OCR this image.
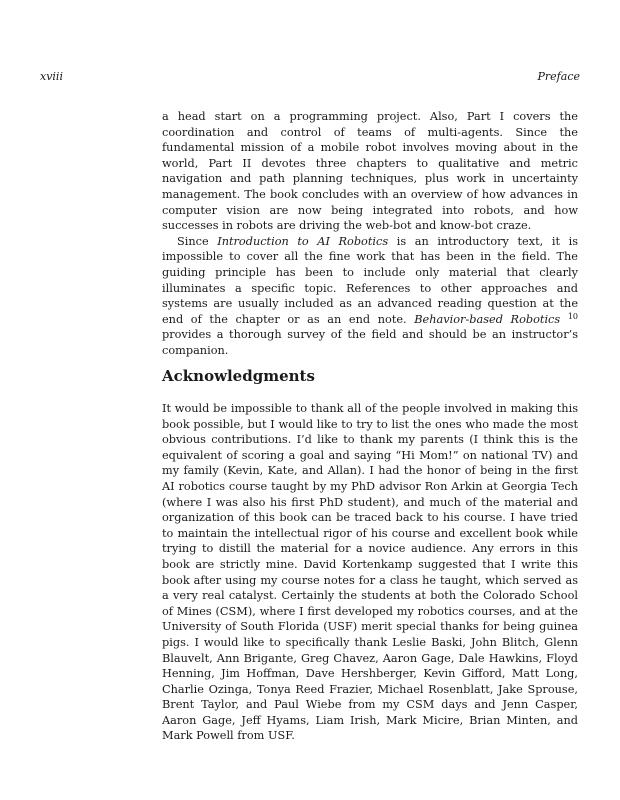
xviii	Preface

a head start on a programming project. Also, Part I covers the coordination and control of teams of multi-agents. Since the fundamental mission of a mobile robot involves moving about in the world, Part II devotes three chapters to qualitative and metric navigation and path planning techniques, plus work in uncertainty management. The book concludes with an overview of how advances in computer vision are now being integrated into robots, and how successes in robots are driving the web-bot and know-bot craze.

Since Introduction to AI Robotics is an introductory text, it is impossible to cover all the fine work that has been in the field. The guiding principle has been to include only material that clearly illuminates a specific topic. References to other approaches and systems are usually included as an advanced reading question at the end of the chapter or as an end note. Behavior-based Robotics $^{10}$ provides a thorough survey of the field and should be an instructor’s companion.

Acknowledgments

It would be impossible to thank all of the people involved in making this book possible, but I would like to try to list the ones who made the most obvious contributions. I’d like to thank my parents (I think this is the equivalent of scoring a goal and saying “Hi Mom!” on national TV) and my family (Kevin, Kate, and Allan). I had the honor of being in the first AI robotics course taught by my PhD advisor Ron Arkin at Georgia Tech (where I was also his first PhD student), and much of the material and organization of this book can be traced back to his course. I have tried to maintain the intellectual rigor of his course and excellent book while trying to distill the material for a novice audience. Any errors in this book are strictly mine. David Kortenkamp suggested that I write this book after using my course notes for a class he taught, which served as a very real catalyst. Certainly the students at both the Colorado School of Mines (CSM), where I first developed my robotics courses, and at the University of South Florida (USF) merit special thanks for being guinea pigs. I would like to specifically thank Leslie Baski, John Blitch, Glenn Blauvelt, Ann Brigante, Greg Chavez, Aaron Gage, Dale Hawkins, Floyd Henning, Jim Hoffman, Dave Hershberger, Kevin Gifford, Matt Long, Charlie Ozinga, Tonya Reed Frazier, Michael Rosenblatt, Jake Sprouse, Brent Taylor, and Paul Wiebe from my CSM days and Jenn Casper, Aaron Gage, Jeff Hyams, Liam Irish, Mark Micire, Brian Minten, and Mark Powell from USF.
